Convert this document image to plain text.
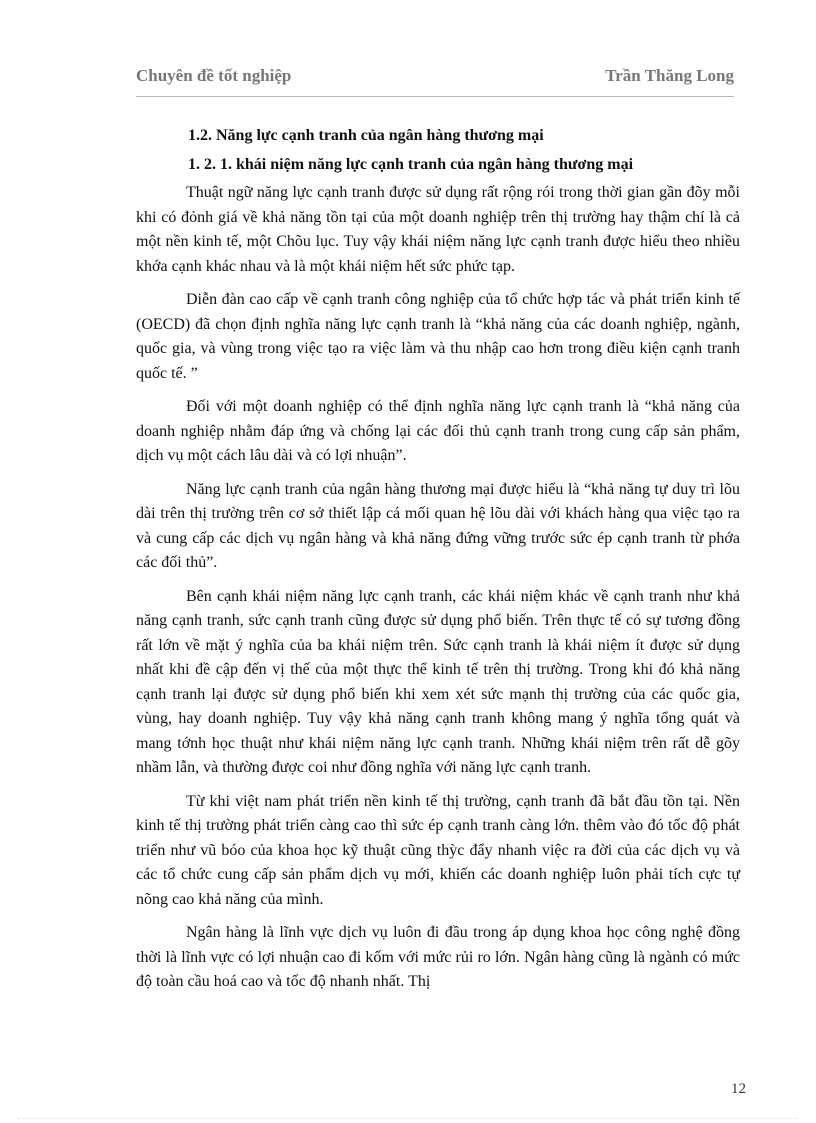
Chuyên đề tốt nghiệp	Trần Thăng Long
1.2. Năng lực cạnh tranh của ngân hàng thương mại
1. 2. 1. khái niệm năng lực cạnh tranh của ngân hàng thương mại

Thuật ngữ năng lực cạnh tranh được sử dụng rất rộng rói trong thời gian gần đõy mỗi khi có đỏnh giá về khả năng tồn tại của một doanh nghiệp trên thị trường hay thậm chí là cả một nền kinh tế, một Chõu lục. Tuy vậy khái niệm năng lực cạnh tranh được hiểu theo nhiều khớa cạnh khác nhau và là một khái niệm hết sức phức tạp.

Diễn đàn cao cấp về cạnh tranh công nghiệp của tổ chức hợp tác và phát triển kinh tế (OECD) đã chọn định nghĩa năng lực cạnh tranh là “khả năng của các doanh nghiệp, ngành, quốc gia, và vùng trong việc tạo ra việc làm và thu nhập cao hơn trong điều kiện cạnh tranh quốc tế. ”

Đối với một doanh nghiệp có thể định nghĩa năng lực cạnh tranh là “khả năng của doanh nghiệp nhằm đáp ứng và chống lại các đối thủ cạnh tranh trong cung cấp sản phẩm, dịch vụ một cách lâu dài và có lợi nhuận”.

Năng lực cạnh tranh của ngân hàng thương mại được hiểu là “khả năng tự duy trì lõu dài trên thị trường trên cơ sở thiết lập cá mối quan hệ lõu dài với khách hàng qua việc tạo ra và cung cấp các dịch vụ ngân hàng và khả năng đứng vững trước sức ép cạnh tranh từ phớa các đối thủ”.

Bên cạnh khái niệm năng lực cạnh tranh, các khái niệm khác về cạnh tranh như khả năng cạnh tranh, sức cạnh tranh cũng được sử dụng phổ biến. Trên thực tế có sự tương đồng rất lớn về mặt ý nghĩa của ba khái niệm trên. Sức cạnh tranh là khái niệm ít được sử dụng nhất khi đề cập đến vị thế của một thực thể kinh tế trên thị trường. Trong khi đó khả năng cạnh tranh lại được sử dụng phổ biến khi xem xét sức mạnh thị trường của các quốc gia, vùng, hay doanh nghiệp. Tuy vậy khả năng cạnh tranh không mang ý nghĩa tổng quát và mang tớnh học thuật như khái niệm năng lực cạnh tranh. Những khái niệm trên rất dễ gõy nhầm lẫn, và thường được coi như đồng nghĩa với năng lực cạnh tranh.

Từ khi việt nam phát triển nền kinh tế thị trường, cạnh tranh đã bắt đầu tồn tại. Nền kinh tế thị trường phát triển càng cao thì sức ép cạnh tranh càng lớn. thêm vào đó tốc độ phát triển như vũ bóo của khoa học kỹ thuật cũng thỳc đẩy nhanh việc ra đời của các dịch vụ và các tổ chức cung cấp sản phẩm dịch vụ mới, khiến các doanh nghiệp luôn phải tích cực tự nõng cao khả năng của mình.

Ngân hàng là lĩnh vực dịch vụ luôn đi đầu trong áp dụng khoa học công nghệ đồng thời là lĩnh vực có lợi nhuận cao đi kốm với mức rủi ro lớn. Ngân hàng cũng là ngành có mức độ toàn cầu hoá cao và tốc độ nhanh nhất. Thị

12
